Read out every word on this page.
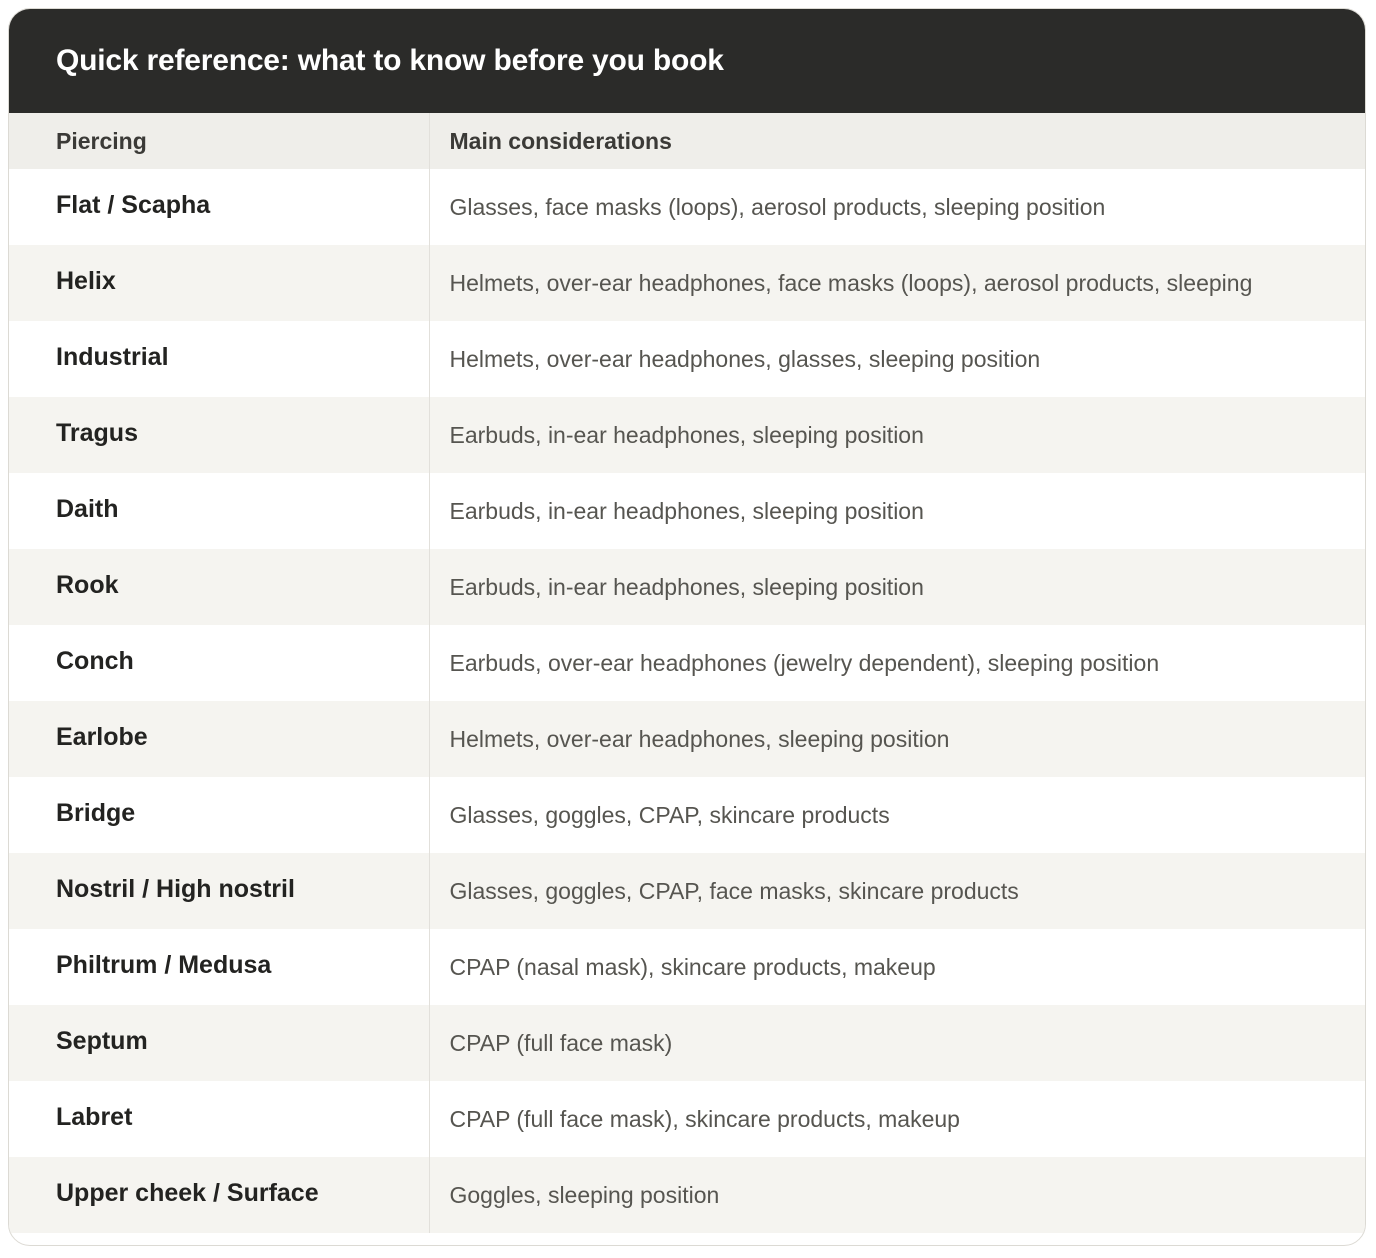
Quick reference: what to know before you book
Piercing	Main considerations
Flat / Scapha	Glasses, face masks (loops), aerosol products, sleeping position
Helix	Helmets, over-ear headphones, face masks (loops), aerosol products, sleeping
Industrial	Helmets, over-ear headphones, glasses, sleeping position
Tragus	Earbuds, in-ear headphones, sleeping position
Daith	Earbuds, in-ear headphones, sleeping position
Rook	Earbuds, in-ear headphones, sleeping position
Conch	Earbuds, over-ear headphones (jewelry dependent), sleeping position
Earlobe	Helmets, over-ear headphones, sleeping position
Bridge	Glasses, goggles, CPAP, skincare products
Nostril / High nostril	Glasses, goggles, CPAP, face masks, skincare products
Philtrum / Medusa	CPAP (nasal mask), skincare products, makeup
Septum	CPAP (full face mask)
Labret	CPAP (full face mask), skincare products, makeup
Upper cheek / Surface	Goggles, sleeping position
